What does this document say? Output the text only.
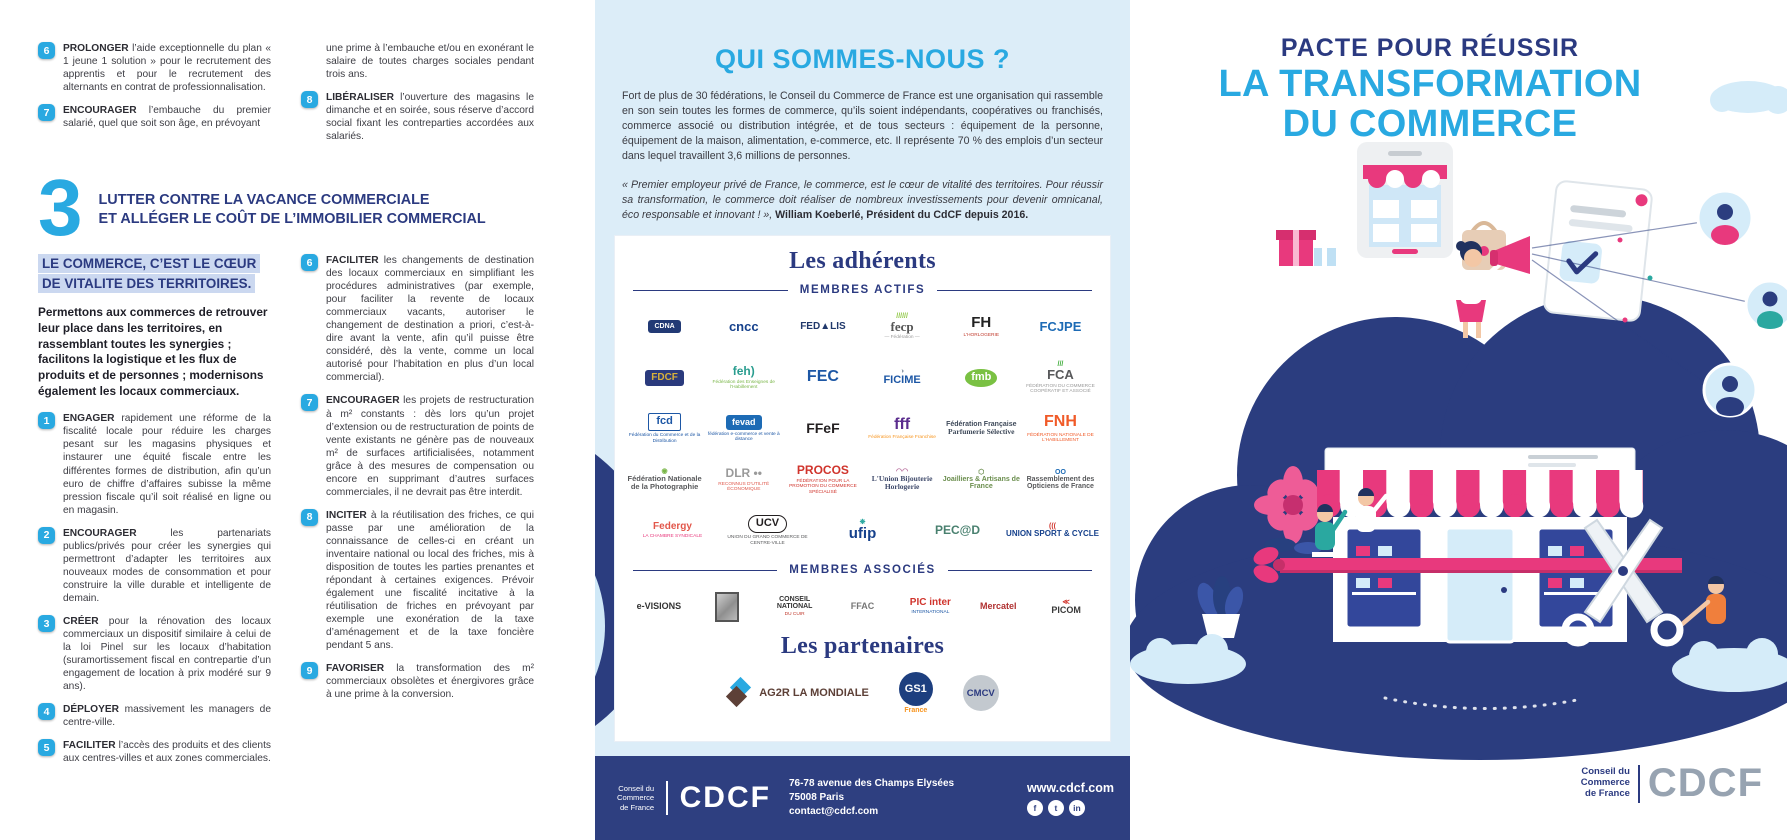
6	PROLONGER l’aide exceptionnelle du plan « 1 jeune 1 solution » pour le recrutement des apprentis et pour le recrutement des alternants en contrat de professionnalisation.
7	ENCOURAGER l’embauche du premier salarié, quel que soit son âge, en prévoyant
une prime à l’embauche et/ou en exonérant le salaire de toutes charges sociales pendant trois ans.
8	LIBÉRALISER l’ouverture des magasins le dimanche et en soirée, sous réserve d’accord social fixant les contreparties accordées aux salariés.
3 LUTTER CONTRE LA VACANCE COMMERCIALE
ET ALLÉGER LE COÛT DE L’IMMOBILIER COMMERCIAL
LE COMMERCE, C’EST LE CŒUR DE VITALITE DES TERRITOIRES.
Permettons aux commerces de retrouver leur place dans les territoires, en rassemblant toutes les synergies ; facilitons la logistique et les flux de produits et de personnes ; modernisons également les locaux commerciaux.
1	ENGAGER rapidement une réforme de la fiscalité locale pour réduire les charges pesant sur les magasins physiques et instaurer une équité fiscale entre les différentes formes de distribution, afin qu’un euro de chiffre d’affaires subisse la même pression fiscale qu’il soit réalisé en ligne ou en magasin.
2	ENCOURAGER les partenariats publics/privés pour créer les synergies qui permettront d’adapter les territoires aux nouveaux modes de consommation et pour construire la ville durable et intelligente de demain.
3	CRÉER pour la rénovation des locaux commerciaux un dispositif similaire à celui de la loi Pinel sur les locaux d’habitation (suramortissement fiscal en contrepartie d’un engagement de location à prix modéré sur 9 ans).
4	DÉPLOYER massivement les managers de centre-ville.
5	FACILITER l’accès des produits et des clients aux centres-villes et aux zones commerciales.
6	FACILITER les changements de destination des locaux commerciaux en simplifiant les procédures administratives (par exemple, pour faciliter la revente de locaux commerciaux vacants, autoriser le changement de destination a priori, c’est-à-dire avant la vente, afin qu’il puisse être considéré, dès la vente, comme un local autorisé pour l’habitation en plus d’un local commercial).
7	ENCOURAGER les projets de restructuration à m² constants : dès lors qu’un projet d’extension ou de restructuration de points de vente existants ne génère pas de nouveaux m² de surfaces artificialisées, notamment grâce à des mesures de compensation ou encore en supprimant d’autres surfaces commerciales, il ne devrait pas être interdit.
8	INCITER à la réutilisation des friches, ce qui passe par une amélioration de la connaissance de celles-ci en créant un inventaire national ou local des friches, mis à disposition de toutes les parties prenantes et répondant à certaines exigences. Prévoir également une fiscalité incitative à la réutilisation de friches en prévoyant par exemple une exonération de la taxe d’aménagement et de la taxe foncière pendant 5 ans.
9	FAVORISER la transformation des m² commerciaux obsolètes et énergivores grâce à une prime à la conversion.
QUI SOMMES-NOUS ?

Fort de plus de 30 fédérations, le Conseil du Commerce de France est une organisation qui rassemble en son sein toutes les formes de commerce, qu’ils soient indépendants, coopératives ou franchisés, commerce associé ou distribution intégrée, et de tous secteurs : équipement de la personne, équipement de la maison, alimentation, e-commerce, etc. Il représente 70 % des emplois d’un secteur dans lequel travaillent 3,6 millions de personnes.

« Premier employeur privé de France, le commerce, est le cœur de vitalité des territoires. Pour réussir sa transformation, le commerce doit réaliser de nombreux investissements pour devenir omnicanal, éco responsable et innovant ! », William Koeberlé, Président du CdCF depuis 2016.

Les adhérents
MEMBRES ACTIFS
CDNA	cncc	FED▲LIS
//////
fecp
— Fédération —
FH
L'HORLOGERIE
FCJPE
FDCF	feh)
Fédération des Enseignes de l'Habillement
FEC	◑
FICIME	fmb
///
FCA
FÉDÉRATION DU COMMERCE COOPÉRATIF ET ASSOCIÉ
fcd
Fédération du Commerce et de la Distribution
fevad
fédération e-commerce et vente à distance
FFeF	fff
Fédération Française Franchise
Fédération Française
Parfumerie Sélective
FNH
FÉDÉRATION NATIONALE DE L'HABILLEMENT
◉
Fédération Nationale de la Photographie
DLR ••
RECONNUS D'UTILITÉ ÉCONOMIQUE
PROCOS
FÉDÉRATION POUR LA PROMOTION DU COMMERCE SPÉCIALISÉ
◠◠
L'Union Bijouterie Horlogerie
⬡
Joailliers & Artisans de France
OO
Rassemblement des Opticiens de France
Federgy
LA CHAMBRE SYNDICALE
UCV
UNION DU GRAND COMMERCE DE CENTRE-VILLE
❋
ufip	PEC@D	(((
UNION SPORT & CYCLE
MEMBRES ASSOCIÉS
e-VISIONS
CONSEIL NATIONAL
DU CUIR
FFAC	PIC inter
INTERNATIONAL
Mercatel	≪
PICOM
Les partenaires
AG2R LA MONDIALE	GS1
France
CMCV
Conseil du
Commerce
de France CDCF 76-78 avenue des Champs Elysées
75008 Paris
contact@cdcf.com
www.cdcf.com
f	t	in
PACTE POUR RÉUSSIR
LA TRANSFORMATION
DU COMMERCE
Conseil du
Commerce
de France CDCF
